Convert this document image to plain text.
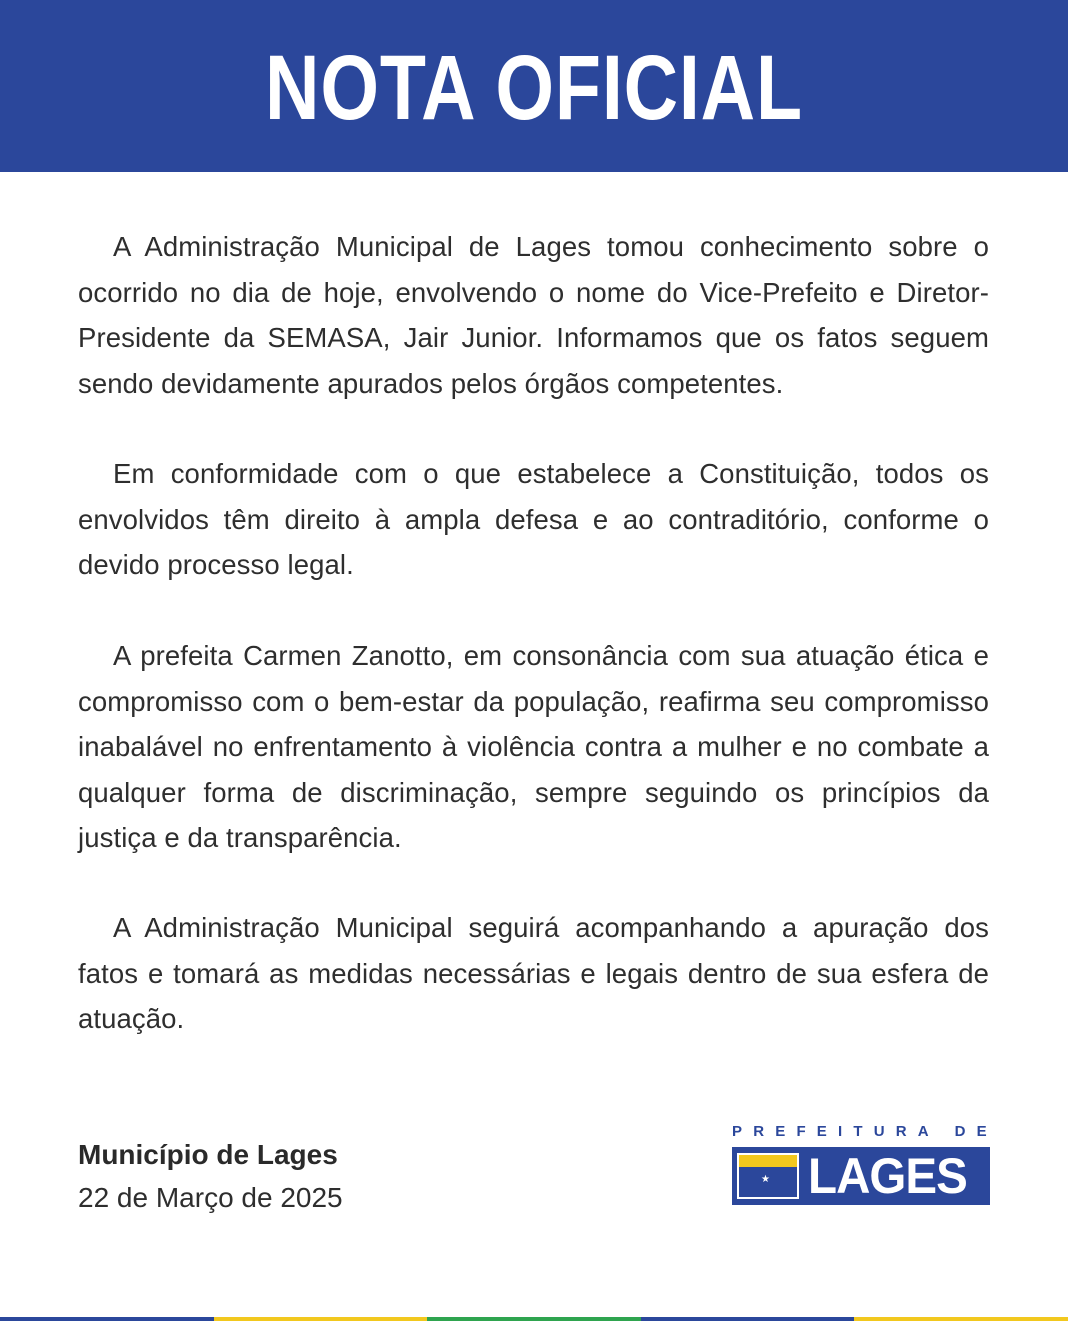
NOTA OFICIAL

A Administração Municipal de Lages tomou conhecimento sobre o ocorrido no dia de hoje, envolvendo o nome do Vice-Prefeito e Diretor-Presidente da SEMASA, Jair Junior. Informamos que os fatos seguem sendo devidamente apurados pelos órgãos competentes.

Em conformidade com o que estabelece a Constituição, todos os envolvidos têm direito à ampla defesa e ao contraditório, conforme o devido processo legal.

A prefeita Carmen Zanotto, em consonância com sua atuação ética e compromisso com o bem-estar da população, reafirma seu compromisso inabalável no enfrentamento à violência contra a mulher e no combate a qualquer forma de discriminação, sempre seguindo os princípios da justiça e da transparência.

A Administração Municipal seguirá acompanhando a apuração dos fatos e tomará as medidas necessárias e legais dentro de sua esfera de atuação.

Município de Lages
22 de Março de 2025
PREFEITURA DE
★ LAGES
